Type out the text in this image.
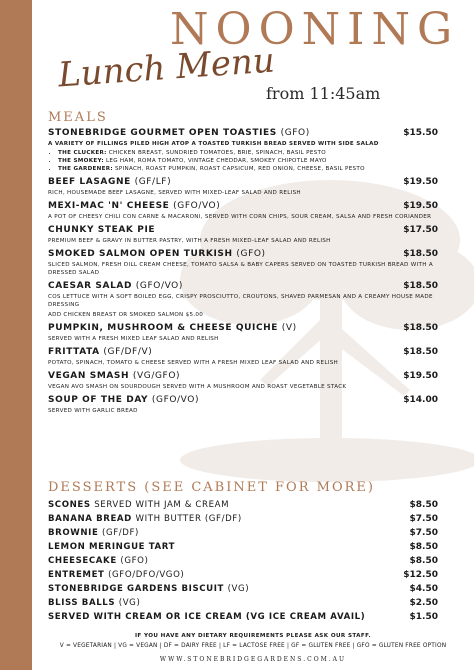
NOONING
Lunch Menu
from 11:45am
MEALS
STONEBRIDGE GOURMET OPEN TOASTIES (GFO)	$15.50
A VARIETY OF FILLINGS PILED HIGH ATOP A TOASTED TURKISH BREAD SERVED WITH SIDE SALAD
• THE CLUCKER: CHICKEN BREAST, SUNDRIED TOMATOES, BRIE, SPINACH, BASIL PESTO
• THE SMOKEY: LEG HAM, ROMA TOMATO, VINTAGE CHEDDAR, SMOKEY CHIPOTLE MAYO
• THE GARDENER: SPINACH, ROAST PUMPKIN, ROAST CAPSICUM, RED ONION, CHEESE, BASIL PESTO
BEEF LASAGNE (GF/LF)	$19.50
RICH, HOUSEMADE BEEF LASAGNE, SERVED WITH MIXED-LEAF SALAD AND RELISH
MEXI-MAC 'N' CHEESE (GFO/VO)	$19.50
A POT OF CHEESY CHILI CON CARNE & MACARONI, SERVED WITH CORN CHIPS, SOUR CREAM, SALSA AND FRESH CORIANDER
CHUNKY STEAK PIE	$17.50
PREMIUM BEEF & GRAVY IN BUTTER PASTRY, WITH A FRESH MIXED-LEAF SALAD AND RELISH
SMOKED SALMON OPEN TURKISH (GFO)	$18.50
SLICED SALMON, FRESH DILL CREAM CHEESE, TOMATO SALSA & BABY CAPERS SERVED ON TOASTED TURKISH BREAD WITH A DRESSED SALAD
CAESAR SALAD (GFO/VO)	$18.50
COS LETTUCE WITH A SOFT BOILED EGG, CRISPY PROSCIUTTO, CROUTONS, SHAVED PARMESAN AND A CREAMY HOUSE MADE DRESSING
ADD CHICKEN BREAST OR SMOKED SALMON $5.00
PUMPKIN, MUSHROOM & CHEESE QUICHE (V)	$18.50
SERVED WITH A FRESH MIXED LEAF SALAD AND RELISH
FRITTATA (GF/DF/V)	$18.50
POTATO, SPINACH, TOMATO & CHEESE SERVED WITH A FRESH MIXED LEAF SALAD AND RELISH
VEGAN SMASH (VG/GFO)	$19.50
VEGAN AVO SMASH ON SOURDOUGH SERVED WITH A MUSHROOM AND ROAST VEGETABLE STACK
SOUP OF THE DAY (GFO/VO)	$14.00
SERVED WITH GARLIC BREAD
DESSERTS (SEE CABINET FOR MORE)
SCONES SERVED WITH JAM & CREAM	$8.50
BANANA BREAD WITH BUTTER (GF/DF)	$7.50
BROWNIE (GF/DF)	$7.50
LEMON MERINGUE TART	$8.50
CHEESECAKE (GFO)	$8.50
ENTREMET (GFO/DFO/VGO)	$12.50
STONEBRIDGE GARDENS BISCUIT (VG)	$4.50
BLISS BALLS (VG)	$2.50
SERVED WITH CREAM OR ICE CREAM (VG ICE CREAM AVAIL)	$1.50
IF YOU HAVE ANY DIETARY REQUIREMENTS PLEASE ASK OUR STAFF.
V = VEGETARIAN | VG = VEGAN | DF = DAIRY FREE | LF = LACTOSE FREE | GF = GLUTEN FREE | GFO = GLUTEN FREE OPTION
WWW.STONEBRIDGEGARDENS.COM.AU
